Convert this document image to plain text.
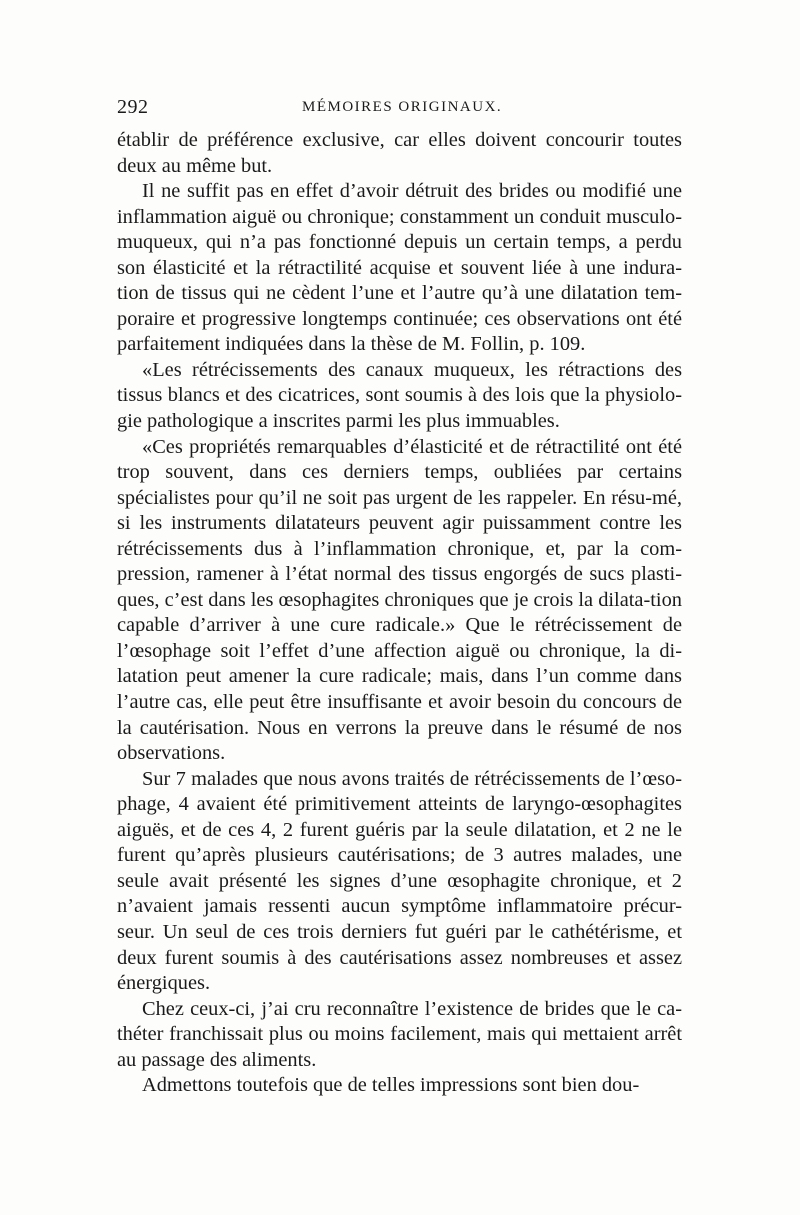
292	MÉMOIRES ORIGINAUX.

établir de préférence exclusive, car elles doivent concourir toutes deux au même but.

Il ne suffit pas en effet d’avoir détruit des brides ou modifié une inflammation aiguë ou chronique; constamment un conduit musculo-muqueux, qui n’a pas fonctionné depuis un certain temps, a perdu son élasticité et la rétractilité acquise et souvent liée à une indura-tion de tissus qui ne cèdent l’une et l’autre qu’à une dilatation tem-poraire et progressive longtemps continuée; ces observations ont été parfaitement indiquées dans la thèse de M. Follin, p. 109.

«Les rétrécissements des canaux muqueux, les rétractions des tissus blancs et des cicatrices, sont soumis à des lois que la physiolo-gie pathologique a inscrites parmi les plus immuables.

«Ces propriétés remarquables d’élasticité et de rétractilité ont été trop souvent, dans ces derniers temps, oubliées par certains spécialistes pour qu’il ne soit pas urgent de les rappeler. En résu-mé, si les instruments dilatateurs peuvent agir puissamment contre les rétrécissements dus à l’inflammation chronique, et, par la com-pression, ramener à l’état normal des tissus engorgés de sucs plasti-ques, c’est dans les œsophagites chroniques que je crois la dilata-tion capable d’arriver à une cure radicale.» Que le rétrécissement de l’œsophage soit l’effet d’une affection aiguë ou chronique, la di-latation peut amener la cure radicale; mais, dans l’un comme dans l’autre cas, elle peut être insuffisante et avoir besoin du concours de la cautérisation. Nous en verrons la preuve dans le résumé de nos observations.

Sur 7 malades que nous avons traités de rétrécissements de l’œso-phage, 4 avaient été primitivement atteints de laryngo-œsophagites aiguës, et de ces 4, 2 furent guéris par la seule dilatation, et 2 ne le furent qu’après plusieurs cautérisations; de 3 autres malades, une seule avait présenté les signes d’une œsophagite chronique, et 2 n’avaient jamais ressenti aucun symptôme inflammatoire précur-seur. Un seul de ces trois derniers fut guéri par le cathétérisme, et deux furent soumis à des cautérisations assez nombreuses et assez énergiques.

Chez ceux-ci, j’ai cru reconnaître l’existence de brides que le ca-théter franchissait plus ou moins facilement, mais qui mettaient arrêt au passage des aliments.

Admettons toutefois que de telles impressions sont bien dou-
